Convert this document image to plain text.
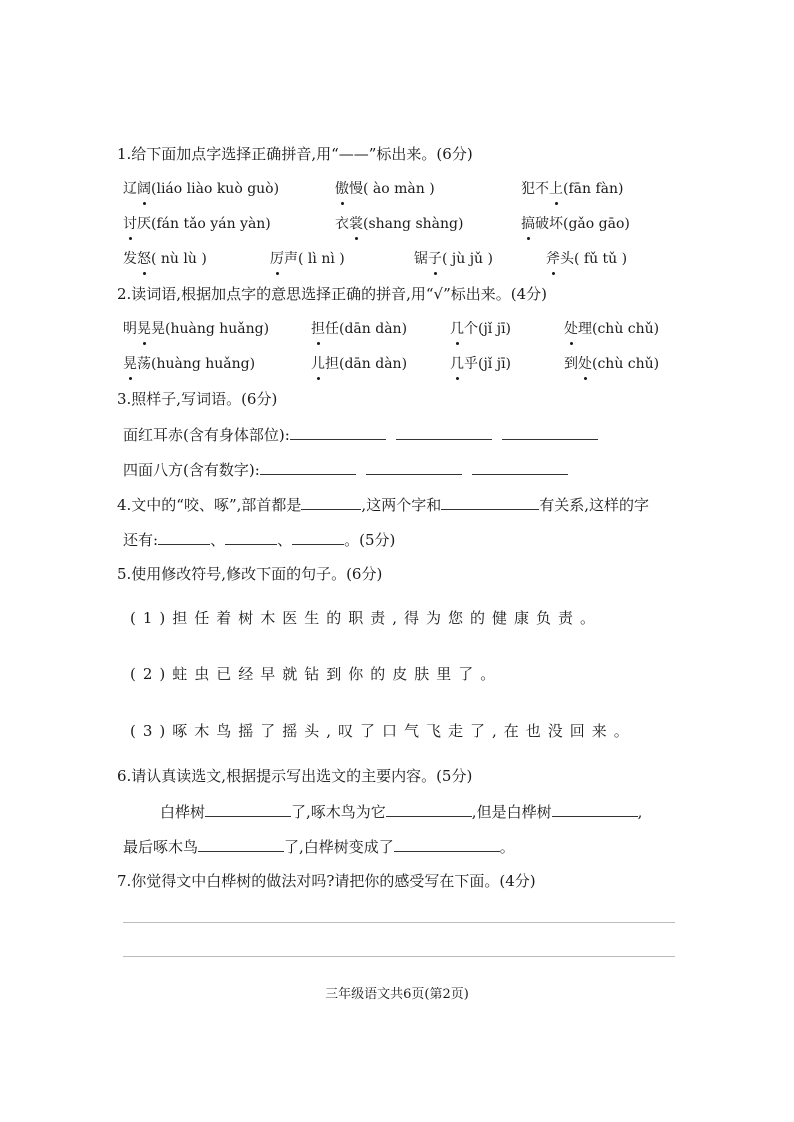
1.给下面加点字选择正确拼音,用“——”标出来。(6分)
辽阔(liáo liào kuò guò)	傲慢( ào màn )	犯不上(fān fàn)
讨厌(fán tǎo yán yàn)	衣裳(shang shàng)	搞破坏(gǎo gāo)
发怒( nù lù )	厉声( lì nì )	锯子( jù jǔ )	斧头( fǔ tǔ )
2.读词语,根据加点字的意思选择正确的拼音,用“√”标出来。(4分)
明晃晃(huàng huǎng)	担任(dān dàn)	几个(jǐ jī)	处理(chù chǔ)
晃荡(huàng huǎng)	儿担(dān dàn)	几乎(jǐ jī)	到处(chù chǔ)
3.照样子,写词语。(6分)
面红耳赤(含有身体部位):
四面八方(含有数字):
4.文中的“咬、啄”,部首都是	,这两个字和	有关系,这样的字
还有:	、	、	。(5分)
5.使用修改符号,修改下面的句子。(6分)
(1)担任着树木医生的职责,得为您的健康负责。
(2)蛀虫已经早就钻到你的皮肤里了。
(3)啄木鸟摇了摇头,叹了口气飞走了,在也没回来。
6.请认真读选文,根据提示写出选文的主要内容。(5分)
白桦树	了,啄木鸟为它	,但是白桦树	,
最后啄木鸟	了,白桦树变成了	。
7.你觉得文中白桦树的做法对吗?请把你的感受写在下面。(4分)
三年级语文共6页(第2页)
